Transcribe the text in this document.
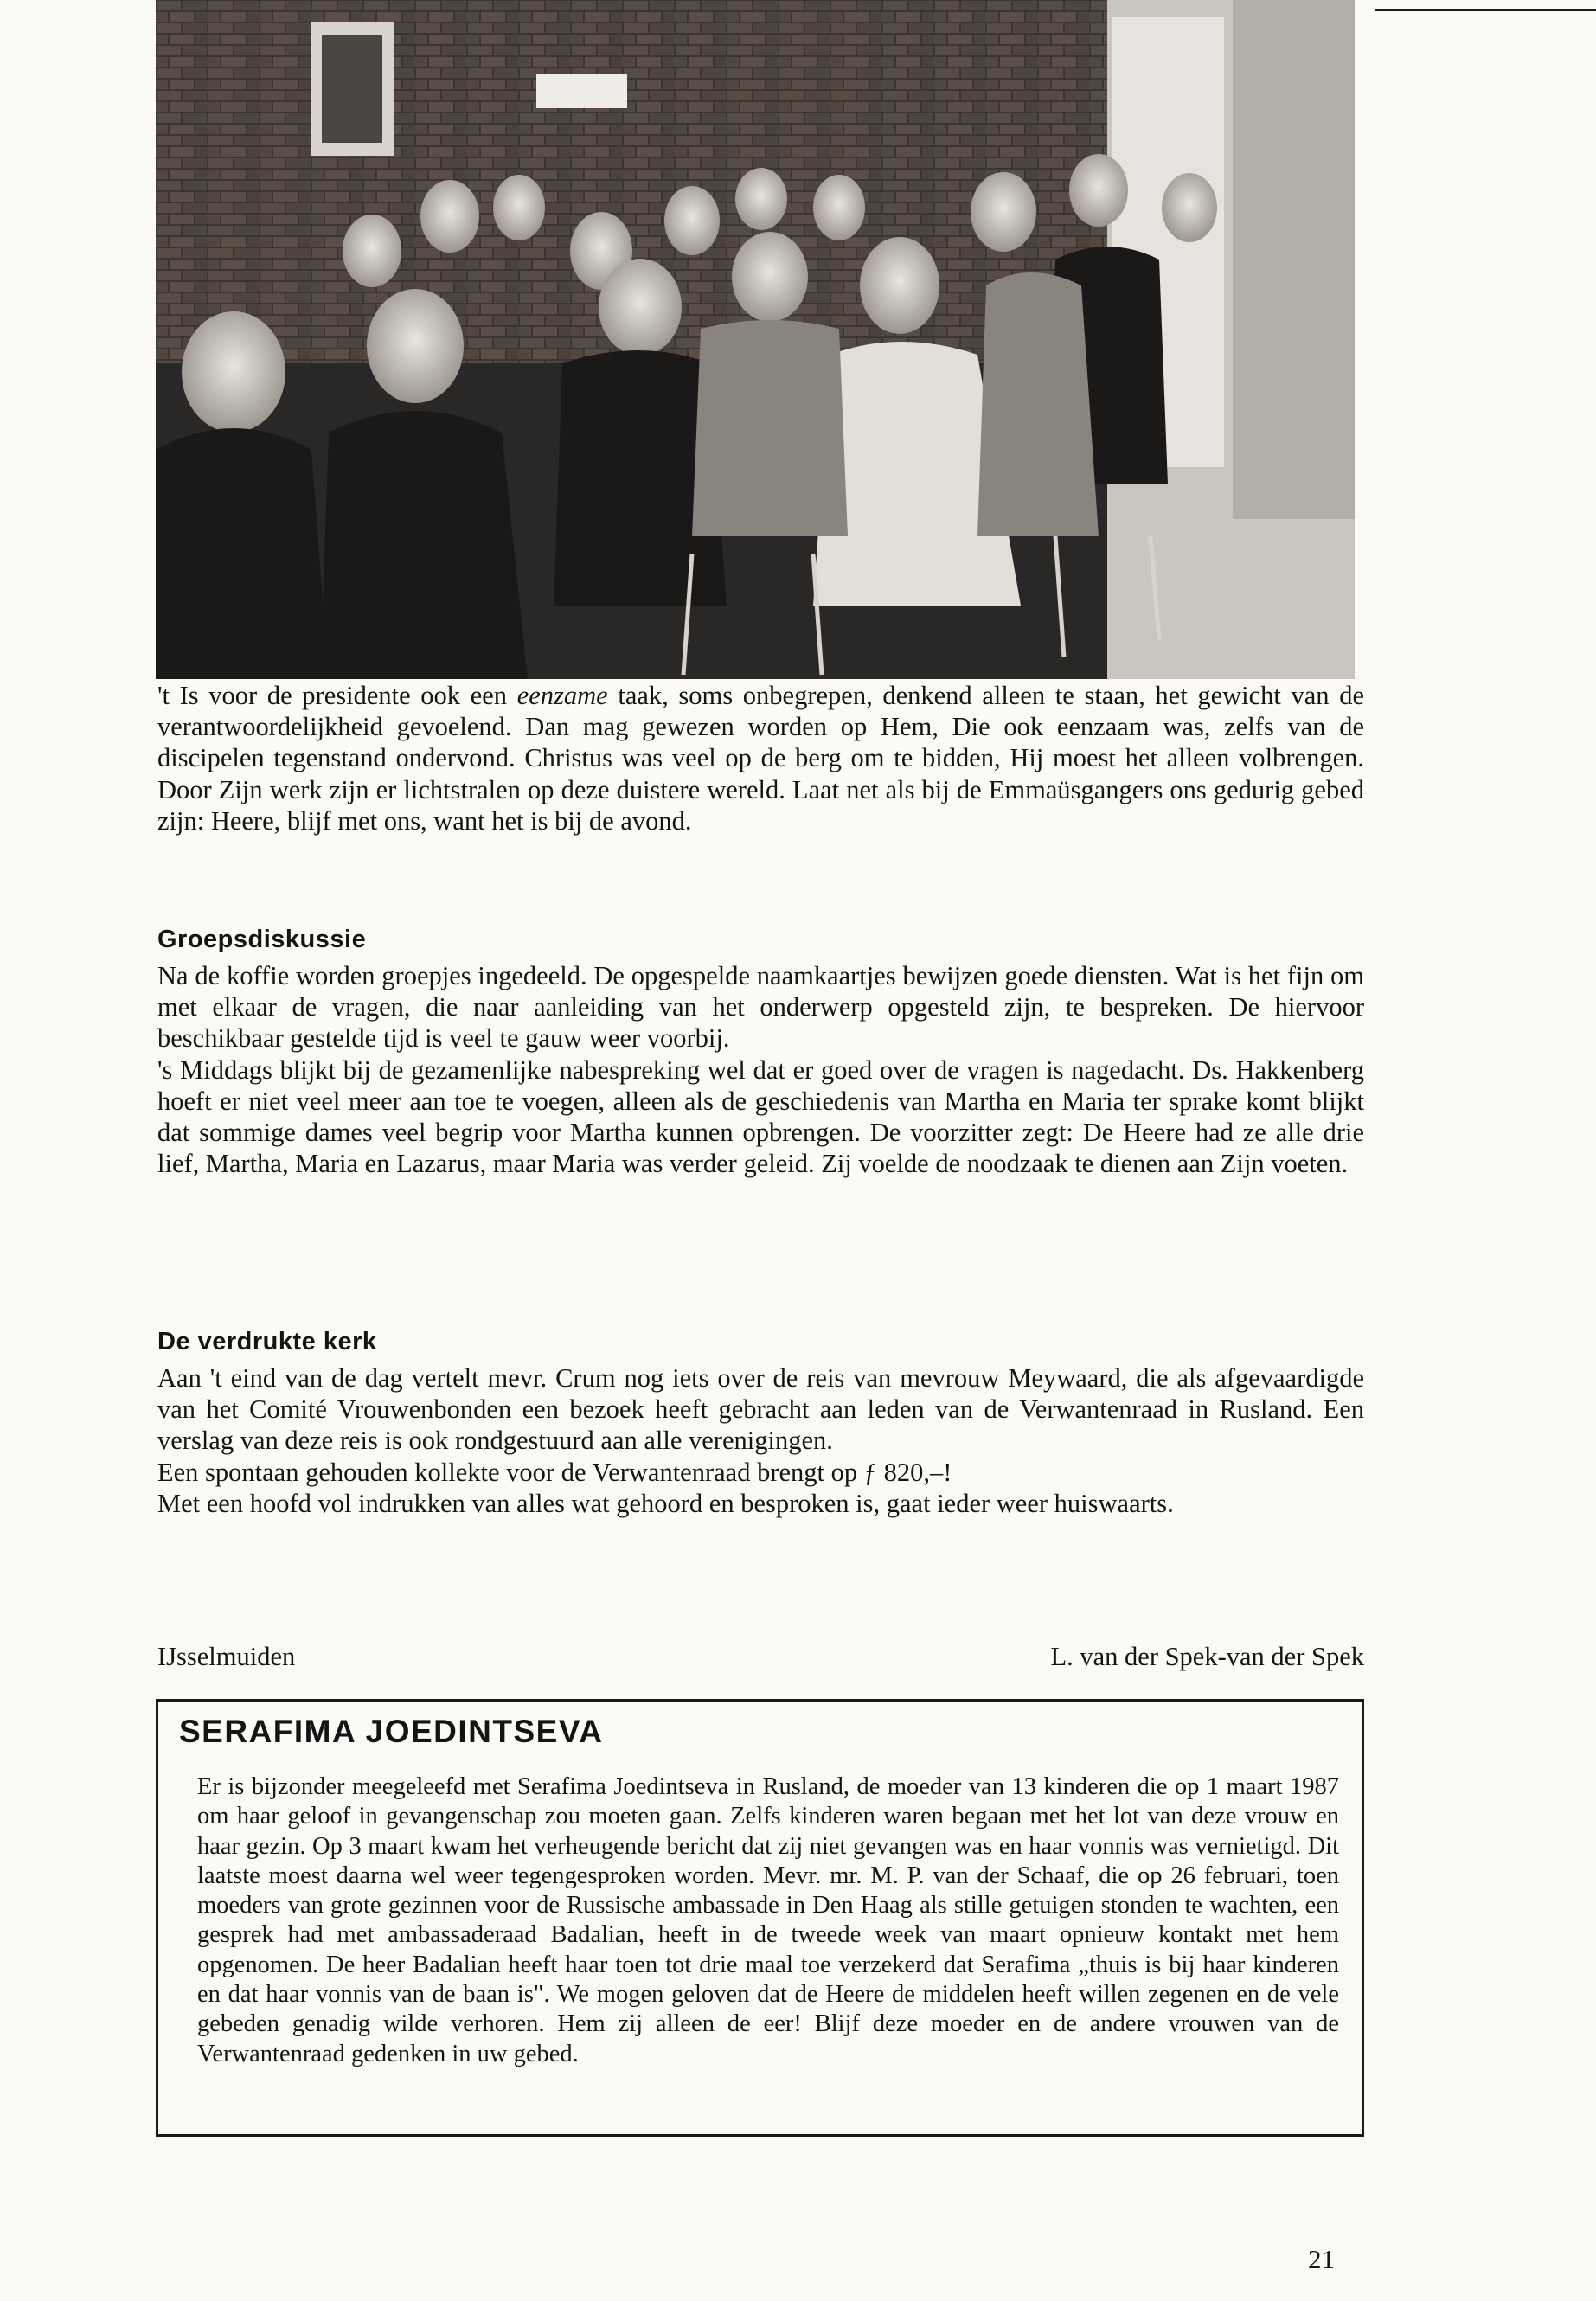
't Is voor de presidente ook een eenzame taak, soms onbegrepen, denkend alleen te staan, het gewicht van de verantwoordelijkheid gevoelend. Dan mag gewezen worden op Hem, Die ook eenzaam was, zelfs van de discipelen tegenstand ondervond. Christus was veel op de berg om te bidden, Hij moest het alleen volbrengen. Door Zijn werk zijn er lichtstralen op deze duistere wereld. Laat net als bij de Emmaüsgangers ons gedurig gebed zijn: Heere, blijf met ons, want het is bij de avond.

Groepsdiskussie

Na de koffie worden groepjes ingedeeld. De opgespelde naamkaartjes bewijzen goede diensten. Wat is het fijn om met elkaar de vragen, die naar aanleiding van het onderwerp opgesteld zijn, te bespreken. De hiervoor beschikbaar gestelde tijd is veel te gauw weer voorbij.

's Middags blijkt bij de gezamenlijke nabespreking wel dat er goed over de vragen is nagedacht. Ds. Hakkenberg hoeft er niet veel meer aan toe te voegen, alleen als de geschiedenis van Martha en Maria ter sprake komt blijkt dat sommige dames veel begrip voor Martha kunnen opbrengen. De voorzitter zegt: De Heere had ze alle drie lief, Martha, Maria en Lazarus, maar Maria was verder geleid. Zij voelde de noodzaak te dienen aan Zijn voeten.

De verdrukte kerk

Aan 't eind van de dag vertelt mevr. Crum nog iets over de reis van mevrouw Meywaard, die als afgevaardigde van het Comité Vrouwenbonden een bezoek heeft gebracht aan leden van de Verwantenraad in Rusland. Een verslag van deze reis is ook rondgestuurd aan alle verenigingen.

Een spontaan gehouden kollekte voor de Verwantenraad brengt op ƒ 820,–!

Met een hoofd vol indrukken van alles wat gehoord en besproken is, gaat ieder weer huiswaarts.

IJsselmuiden	L. van der Spek-van der Spek
SERAFIMA JOEDINTSEVA
Er is bijzonder meegeleefd met Serafima Joedintseva in Rusland, de moeder van 13 kinderen die op 1 maart 1987 om haar geloof in gevangenschap zou moeten gaan. Zelfs kinderen waren begaan met het lot van deze vrouw en haar gezin. Op 3 maart kwam het verheugende bericht dat zij niet gevangen was en haar vonnis was vernietigd. Dit laatste moest daarna wel weer tegengesproken worden. Mevr. mr. M. P. van der Schaaf, die op 26 februari, toen moeders van grote gezinnen voor de Russische ambassade in Den Haag als stille getuigen stonden te wachten, een gesprek had met ambassaderaad Badalian, heeft in de tweede week van maart opnieuw kontakt met hem opgenomen. De heer Badalian heeft haar toen tot drie maal toe verzekerd dat Serafima „thuis is bij haar kinderen en dat haar vonnis van de baan is". We mogen geloven dat de Heere de middelen heeft willen zegenen en de vele gebeden genadig wilde verhoren. Hem zij alleen de eer! Blijf deze moeder en de andere vrouwen van de Verwantenraad gedenken in uw gebed.
21
